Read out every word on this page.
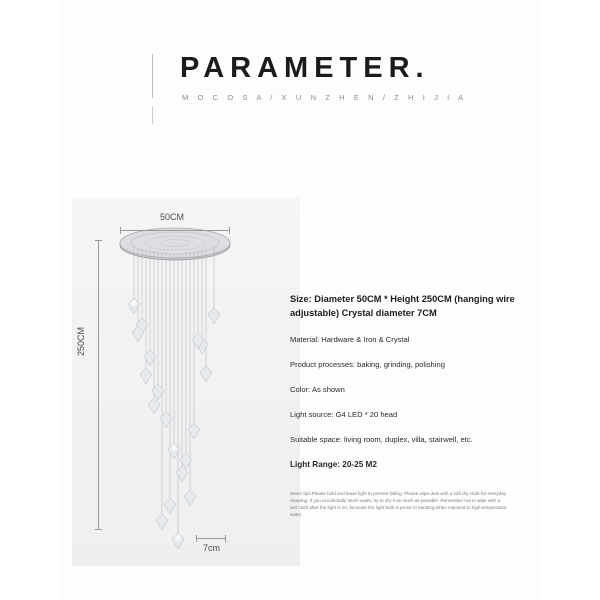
PARAMETER.
M O C O S A / X U N Z H E N / Z H I J I A
50CM
250CM
7cm
Size: Diameter 50CM * Height 250CM (hanging wire adjustable) Crystal diameter 7CM
Material: Hardware & Iron & Crystal
Product processes: baking, grinding, polishing
Color: As shown
Light source: G4 LED * 20 head
Suitable space: living room, duplex, villa, stairwell, etc.
Light Range: 20-25 M2
Warm tips:Please hold and leave light to prevent falling. Please wipe dust with a soft dry cloth for everyday cleaning. If you accidentally touch water, try to dry it as much as possible. Remember not to wipe with a wet cloth after the light is on, because the light bulb is prone to bursting when exposed to high temperature water.
